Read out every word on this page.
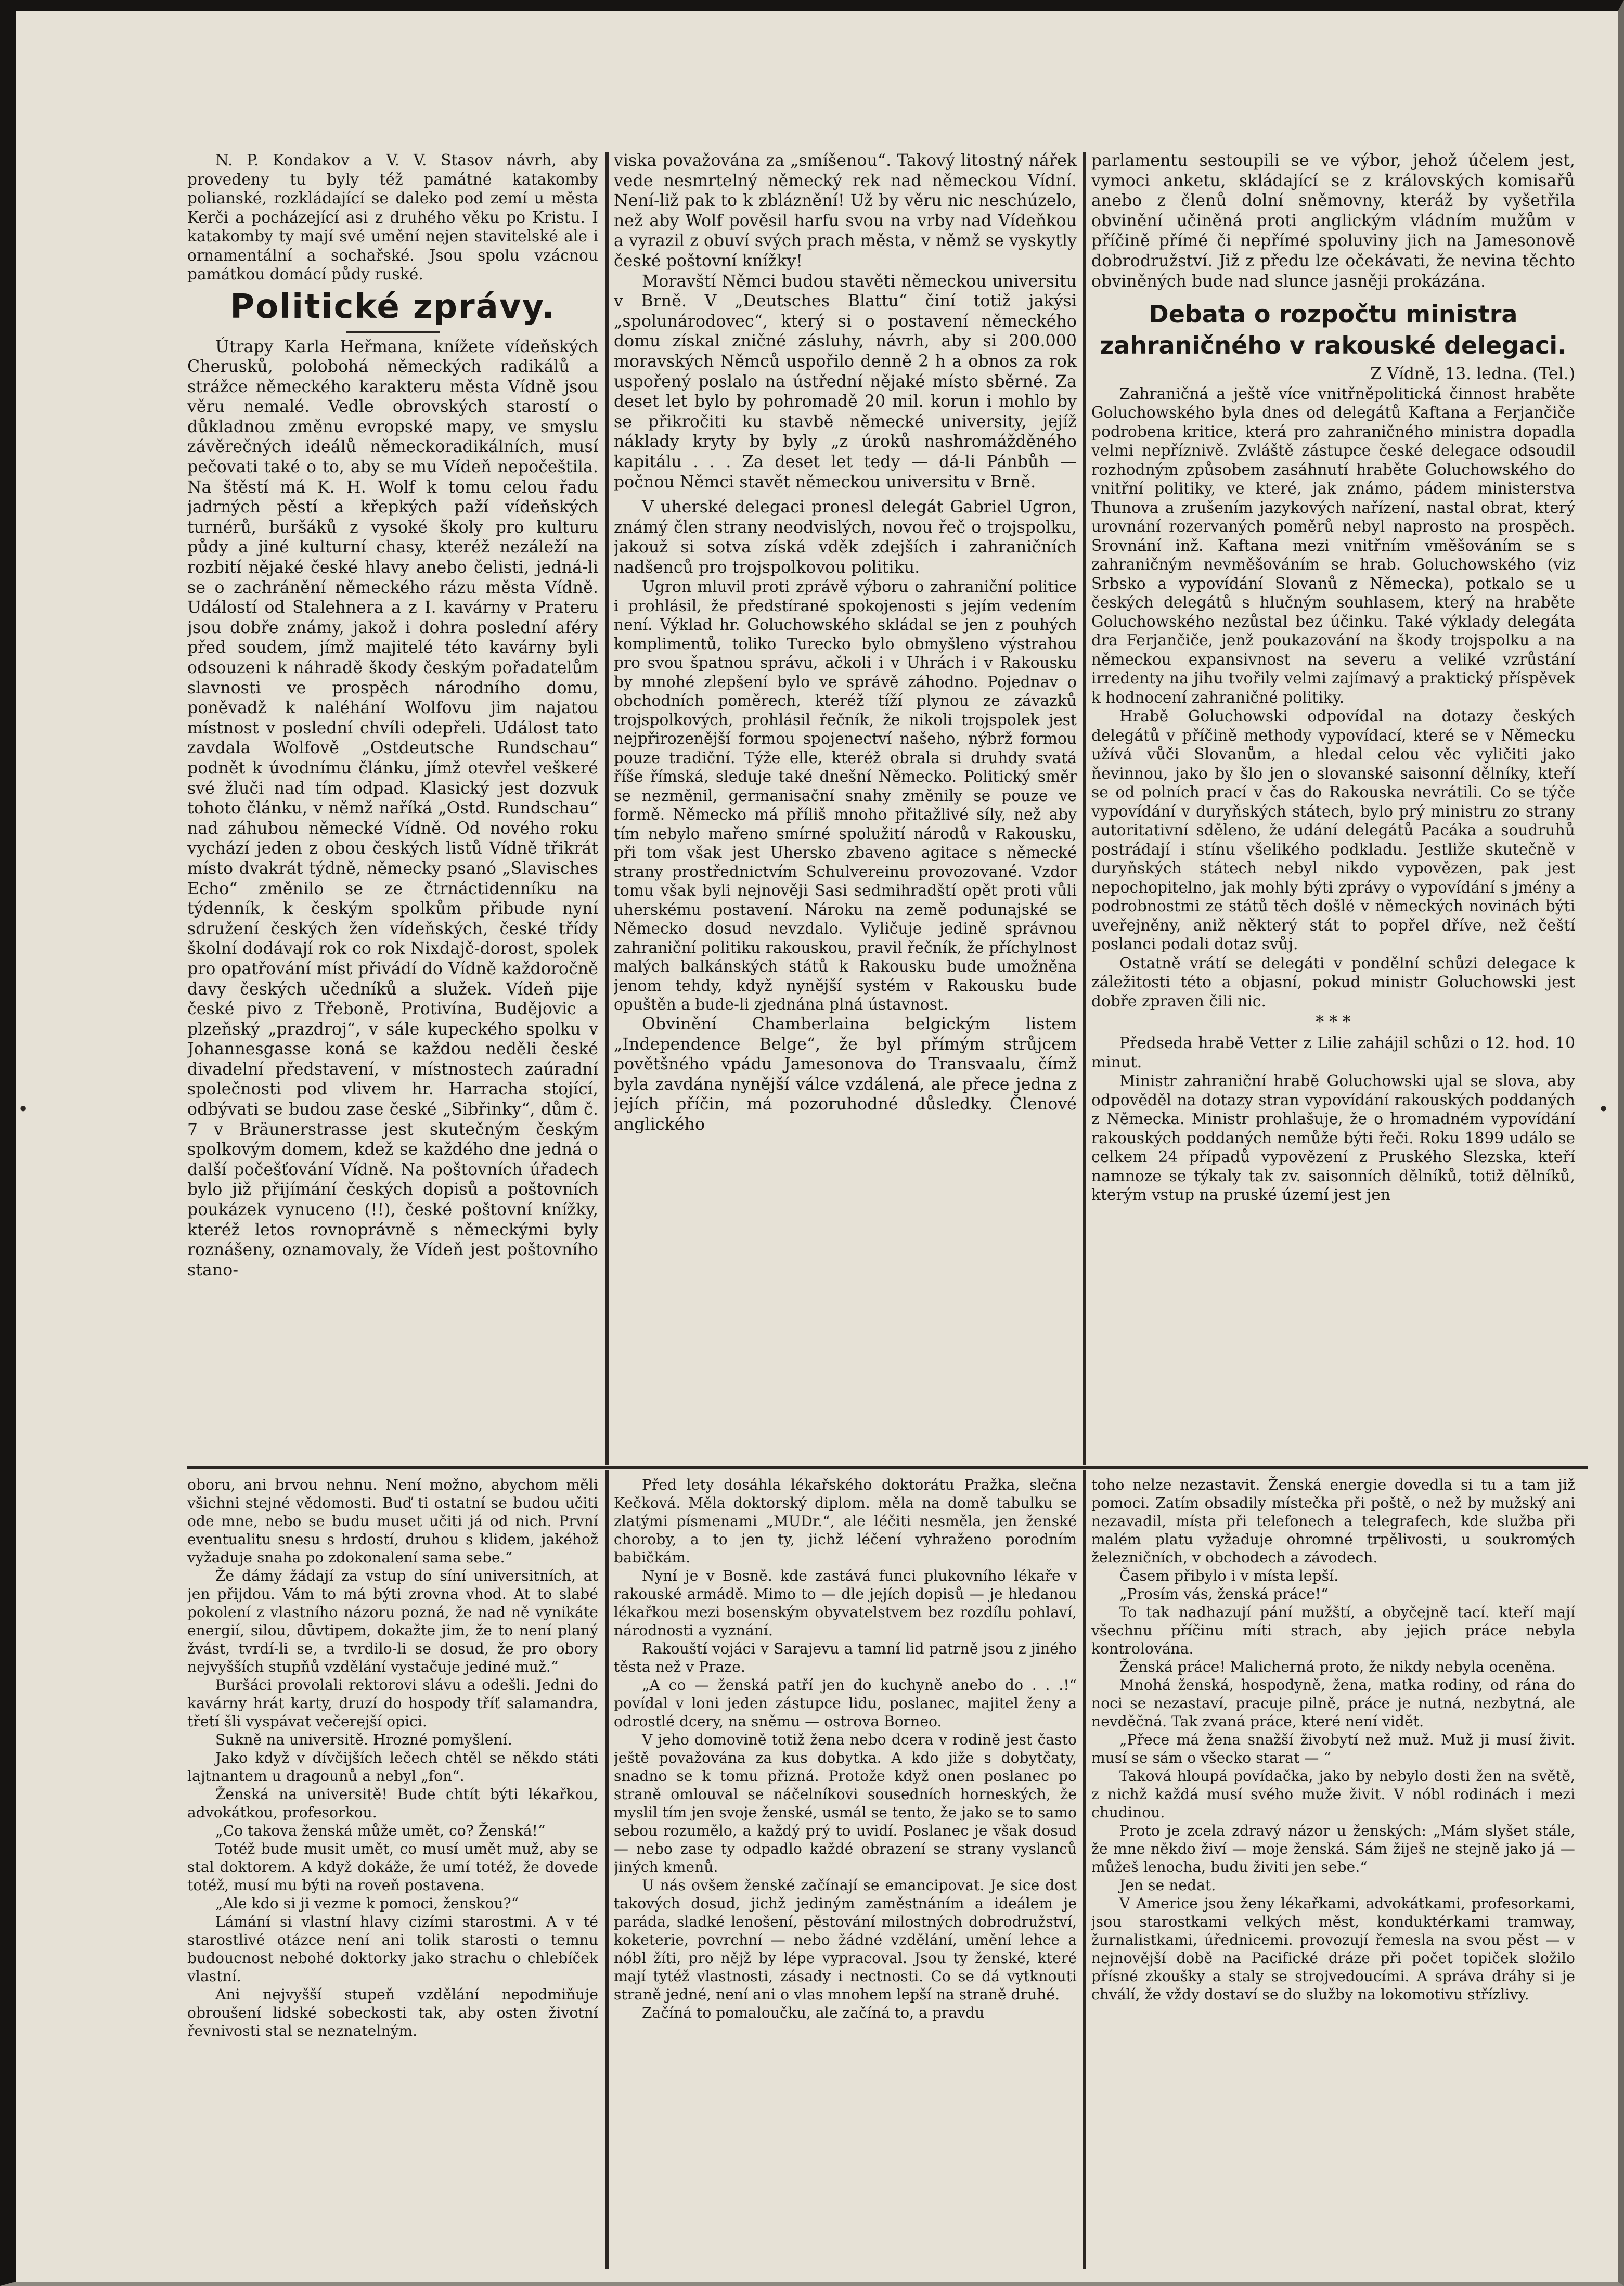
·	·

N. P. Kondakov a V. V. Stasov návrh, aby provedeny tu byly též památné katakomby polianské, rozkládající se daleko pod zemí u města Kerči a pocházející asi z druhého věku po Kristu. I katakomby ty mají své umění nejen stavitelské ale i ornamentální a sochařské. Jsou spolu vzácnou památkou domácí půdy ruské.

Politické zprávy.

Útrapy Karla Heřmana, knížete vídeňských Cherusků, polobohá německých radikálů a strážce německého karakteru města Vídně jsou věru nemalé. Vedle obrovských starostí o důkladnou změnu evropské mapy, ve smyslu závěrečných ideálů německoradikálních, musí pečovati také o to, aby se mu Vídeň nepočeštila. Na štěstí má K. H. Wolf k tomu celou řadu jadrných pěstí a křepkých paží vídeňských turnérů, buršáků z vysoké školy pro kulturu půdy a jiné kulturní chasy, kteréž nezáleží na rozbití nějaké české hlavy anebo čelisti, jedná-li se o zachránění německého rázu města Vídně. Událostí od Stalehnera a z I. kavárny v Prateru jsou dobře známy, jakož i dohra poslední aféry před soudem, jímž majitelé této kavárny byli odsouzeni k náhradě škody českým pořadatelům slavnosti ve prospěch národního domu, poněvadž k naléhání Wolfovu jim najatou místnost v poslední chvíli odepřeli. Událost tato zavdala Wolfově „Ostdeutsche Rundschau“ podnět k úvodnímu článku, jímž otevřel veškeré své žluči nad tím odpad. Klasický jest dozvuk tohoto článku, v němž naříká „Ostd. Rundschau“ nad záhubou německé Vídně. Od nového roku vychází jeden z obou českých listů Vídně třikrát místo dvakrát týdně, německy psanó „Slavisches Echo“ změnilo se ze čtrnáctidenníku na týdenník, k českým spolkům přibude nyní sdružení českých žen vídeňských, české třídy školní dodávají rok co rok Nixdajč-dorost, spolek pro opatřování míst přivádí do Vídně každoročně davy českých učedníků a služek. Vídeň pije české pivo z Třeboně, Protivína, Budějovic a plzeňský „prazdroj“, v sále kupeckého spolku v Johannesgasse koná se každou neděli české divadelní představení, v místnostech zaúradní společnosti pod vlivem hr. Harracha stojící, odbývati se budou zase české „Sibřinky“, dům č. 7 v Bräunerstrasse jest skutečným českým spolkovým domem, kdež se každého dne jedná o další počešťování Vídně. Na poštovních úřadech bylo již přijímání českých dopisů a poštovních poukázek vynuceno (!!), české poštovní knížky, kteréž letos rovnoprávně s německými byly roznášeny, oznamovaly, že Vídeň jest poštovního stano-

viska považována za „smíšenou“. Takový litostný nářek vede nesmrtelný německý rek nad německou Vídní. Není-liž pak to k zbláznění! Už by věru nic neschúzelo, než aby Wolf pověsil harfu svou na vrby nad Vídeňkou a vyrazil z obuví svých prach města, v němž se vyskytly české poštovní knížky!

Moravští Němci budou stavěti německou universitu v Brně. V „Deutsches Blattu“ činí totiž jakýsi „spolunárodovec“, který si o postavení německého domu získal zničné zásluhy, návrh, aby si 200.000 moravských Němců uspořilo denně 2 h a obnos za rok uspořený poslalo na ústřední nějaké místo sběrné. Za deset let bylo by pohromadě 20 mil. korun i mohlo by se přikročiti ku stavbě německé university, jejíž náklady kryty by byly „z úroků nashromážděného kapitálu . . . Za deset let tedy — dá-li Pánbůh — počnou Němci stavět německou universitu v Brně.

V uherské delegaci pronesl delegát Gabriel Ugron, známý člen strany neodvislých, novou řeč o trojspolku, jakouž si sotva získá vděk zdejších i zahraničních nadšenců pro trojspolkovou politiku.

Ugron mluvil proti zprávě výboru o zahraniční politice i prohlásil, že předstírané spokojenosti s jejím vedením není. Výklad hr. Goluchowského skládal se jen z pouhých komplimentů, toliko Turecko bylo obmyšleno výstrahou pro svou špatnou správu, ačkoli i v Uhrách i v Rakousku by mnohé zlepšení bylo ve správě záhodno. Pojednav o obchodních poměrech, kteréž tíží plynou ze závazků trojspolkových, prohlásil řečník, že nikoli trojspolek jest nejpřirozenější formou spojenectví našeho, nýbrž formou pouze tradiční. Týže elle, kteréž obrala si druhdy svatá říše římská, sleduje také dnešní Německo. Politický směr se nezměnil, germanisační snahy změnily se pouze ve formě. Německo má příliš mnoho přitažlivé síly, než aby tím nebylo mařeno smírné spolužití národů v Rakousku, při tom však jest Uhersko zbaveno agitace s německé strany prostřednictvím Schulvereinu provozované. Vzdor tomu však byli nejnověji Sasi sedmihradští opět proti vůli uherskému postavení. Nároku na země podunajské se Německo dosud nevzdalo. Vyličuje jedině správnou zahraniční politiku rakouskou, pravil řečník, že příchylnost malých balkánských států k Rakousku bude umožněna jenom tehdy, když nynější systém v Rakousku bude opuštěn a bude-li zjednána plná ústavnost.

Obvinění Chamberlaina belgickým listem „Independence Belge“, že byl přímým strůjcem povětšného vpádu Jamesonova do Transvaalu, čímž byla zavdána nynější válce vzdálená, ale přece jedna z jejích příčin, má pozoruhodné důsledky. Členové anglického

parlamentu sestoupili se ve výbor, jehož účelem jest, vymoci anketu, skládající se z královských komisařů anebo z členů dolní sněmovny, kteráž by vyšetřila obvinění učiněná proti anglickým vládním mužům v příčině přímé či nepřímé spoluviny jich na Jamesonově dobrodružství. Již z předu lze očekávati, že nevina těchto obviněných bude nad slunce jasněji prokázána.

Debata o rozpočtu ministra zahraničného v rakouské delegaci.

Z Vídně, 13. ledna. (Tel.)

Zahraničná a ještě více vnitřněpolitická činnost hraběte Goluchowského byla dnes od delegátů Kaftana a Ferjančiče podrobena kritice, která pro zahraničného ministra dopadla velmi nepříznivě. Zvláště zástupce české delegace odsoudil rozhodným způsobem zasáhnutí hraběte Goluchowského do vnitřní politiky, ve které, jak známo, pádem ministerstva Thunova a zrušením jazykových nařízení, nastal obrat, který urovnání rozervaných poměrů nebyl naprosto na prospěch. Srovnání inž. Kaftana mezi vnitřním vměšováním se s zahraničným nevměšováním se hrab. Goluchowského (viz Srbsko a vypovídání Slovanů z Německa), potkalo se u českých delegátů s hlučným souhlasem, který na hraběte Goluchowského nezůstal bez účinku. Také výklady delegáta dra Ferjančiče, jenž poukazování na škody trojspolku a na německou expansivnost na severu a veliké vzrůstání irredenty na jihu tvořily velmi zajímavý a praktický příspěvek k hodnocení zahraničné politiky.

Hrabě Goluchowski odpovídal na dotazy českých delegátů v příčině methody vypovídací, které se v Německu užívá vůči Slovanům, a hledal celou věc vyličiti jako ňevinnou, jako by šlo jen o slovanské saisonní dělníky, kteří se od polních prací v čas do Rakouska nevrátili. Co se týče vypovídání v duryňských státech, bylo prý ministru zo strany autoritativní sděleno, že udání delegátů Pacáka a soudruhů postrádají i stínu všelikého podkladu. Jestliže skutečně v duryňských státech nebyl nikdo vypovězen, pak jest nepochopitelno, jak mohly býti zprávy o vypovídání s jmény a podrobnostmi ze států těch došlé v německých novinách býti uveřejněny, aniž některý stát to popřel dříve, než čeští poslanci podali dotaz svůj.

Ostatně vrátí se delegáti v pondělní schůzi delegace k záležitosti této a objasní, pokud ministr Goluchowski jest dobře zpraven čili nic.

* * *

Předseda hrabě Vetter z Lilie zahájil schůzi o 12. hod. 10 minut.

Ministr zahraniční hrabě Goluchowski ujal se slova, aby odpověděl na dotazy stran vypovídání rakouských poddaných z Německa. Ministr prohlašuje, že o hromadném vypovídání rakouských poddaných nemůže býti řeči. Roku 1899 událo se celkem 24 případů vypovězení z Pruského Slezska, kteří namnoze se týkaly tak zv. saisonních dělníků, totiž dělníků, kterým vstup na pruské území jest jen

oboru, ani brvou nehnu. Není možno, abychom měli všichni stejné vědomosti. Buď ti ostatní se budou učiti ode mne, nebo se budu muset učiti já od nich. První eventualitu snesu s hrdostí, druhou s klidem, jakéhož vyžaduje snaha po zdokonalení sama sebe.“

Že dámy žádají za vstup do síní universitních, at jen přijdou. Vám to má býti zrovna vhod. At to slabé pokolení z vlastního názoru pozná, že nad ně vynikáte energií, silou, důvtipem, dokažte jim, že to není planý žvást, tvrdí-li se, a tvrdilo-li se dosud, že pro obory nejvyšších stupňů vzdělání vystačuje jediné muž.“

Buršáci provolali rektorovi slávu a odešli. Jedni do kavárny hrát karty, druzí do hospody tříť salamandra, třetí šli vyspávat večerejší opici.

Sukně na universitě. Hrozné pomyšlení.

Jako když v dívčijších lečech chtěl se někdo státi lajtnantem u dragounů a nebyl „fon“.

Ženská na universitě! Bude chtít býti lékařkou, advokátkou, profesorkou.

„Co takova ženská může umět, co? Ženská!“

Totéž bude musit umět, co musí umět muž, aby se stal doktorem. A když dokáže, že umí totéž, že dovede totéž, musí mu býti na roveň postavena.

„Ale kdo si ji vezme k pomoci, ženskou?“

Lámání si vlastní hlavy cizími starostmi. A v té starostlivé otázce není ani tolik starosti o temnu budoucnost nebohé doktorky jako strachu o chlebíček vlastní.

Ani nejvyšší stupeň vzdělání nepodmiňuje obroušení lidské sobeckosti tak, aby osten životní řevnivosti stal se neznatelným.

Před lety dosáhla lékařského doktorátu Pražka, slečna Kečková. Měla doktorský diplom. měla na domě tabulku se zlatými písmenami „MUDr.“, ale léčiti nesměla, jen ženské choroby, a to jen ty, jichž léčení vyhraženo porodním babičkám.

Nyní je v Bosně. kde zastává funci plukovního lékaře v rakouské armádě. Mimo to — dle jejích dopisů — je hledanou lékařkou mezi bosenským obyvatelstvem bez rozdílu pohlaví, národnosti a vyznání.

Rakouští vojáci v Sarajevu a tamní lid patrně jsou z jiného těsta než v Praze.

„A co — ženská patří jen do kuchyně anebo do . . .!“ povídal v loni jeden zástupce lidu, poslanec, majitel ženy a odrostlé dcery, na sněmu — ostrova Borneo.

V jeho domovině totiž žena nebo dcera v rodině jest často ještě považována za kus dobytka. A kdo jiže s dobytčaty, snadno se k tomu přizná. Protože když onen poslanec po straně omlouval se náčelníkovi sousedních horneských, že myslil tím jen svoje ženské, usmál se tento, že jako se to samo sebou rozumělo, a každý prý to uvidí. Poslanec je však dosud — nebo zase ty odpadlo každé obrazení se strany vyslanců jiných kmenů.

U nás ovšem ženské začínají se emancipovat. Je sice dost takových dosud, jichž jediným zaměstnáním a ideálem je paráda, sladké lenošení, pěstování milostných dobrodružství, koketerie, povrchní — nebo žádné vzdělání, umění lehce a nóbl žíti, pro nějž by lépe vypracoval. Jsou ty ženské, které mají tytéž vlastnosti, zásady i nectnosti. Co se dá vytknouti straně jedné, není ani o vlas mnohem lepší na straně druhé.

Začíná to pomaloučku, ale začíná to, a pravdu

toho nelze nezastavit. Ženská energie dovedla si tu a tam již pomoci. Zatím obsadily místečka při poště, o než by mužský ani nezavadil, místa při telefonech a telegrafech, kde služba při malém platu vyžaduje ohromné trpělivosti, u soukromých železničních, v obchodech a závodech.

Časem přibylo i v místa lepší.

„Prosím vás, ženská práce!“

To tak nadhazují pání mužští, a obyčejně tací. kteří mají všechnu příčinu míti strach, aby jejich práce nebyla kontrolována.

Ženská práce! Malicherná proto, že nikdy nebyla oceněna.

Mnohá ženská, hospodyně, žena, matka rodiny, od rána do noci se nezastaví, pracuje pilně, práce je nutná, nezbytná, ale nevděčná. Tak zvaná práce, které není vidět.

„Přece má žena snažší živobytí než muž. Muž ji musí živit. musí se sám o všecko starat — “

Taková hloupá povídačka, jako by nebylo dosti žen na světě, z nichž každá musí svého muže živit. V nóbl rodinách i mezi chudinou.

Proto je zcela zdravý názor u ženských: „Mám slyšet stále, že mne někdo živí — moje ženská. Sám žiješ ne stejně jako já — můžeš lenocha, budu živiti jen sebe.“

Jen se nedat.

V Americe jsou ženy lékařkami, advokátkami, profesorkami, jsou starostkami velkých měst, konduktérkami tramway, žurnalistkami, úřednicemi. provozují řemesla na svou pěst — v nejnovější době na Pacifické dráze při počet topiček složilo přísné zkoušky a staly se strojvedoucími. A správa dráhy si je chválí, že vždy dostaví se do služby na lokomotivu střízlivy.
